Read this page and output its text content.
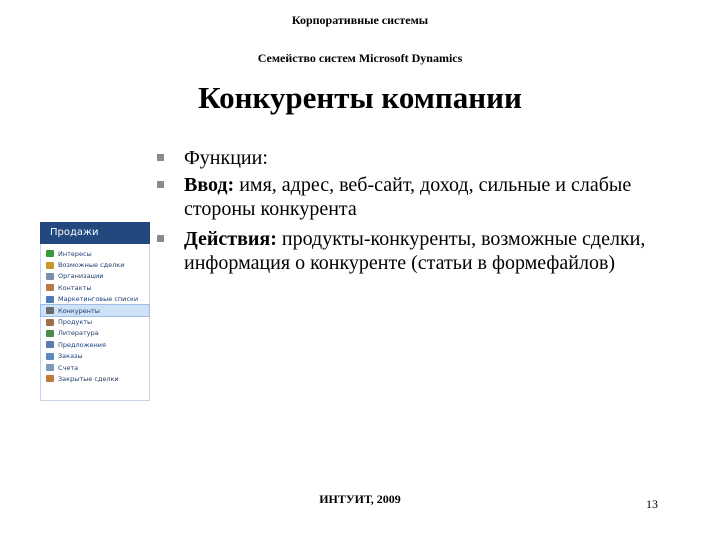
Корпоративные системы
Семейство систем Microsoft Dynamics
Конкуренты компании
Функции:
Ввод: имя, адрес, веб-сайт, доход, сильные и слабые стороны конкурента
Действия: продукты-конкуренты, возможные сделки, информация о конкуренте (статьи в формефайлов)
Продажи
Интересы
Возможные сделки
Организации
Контакты
Маркетинговые списки
Конкуренты
Продукты
Литература
Предложения
Заказы
Счета
Закрытые сделки
ИНТУИТ, 2009	13
